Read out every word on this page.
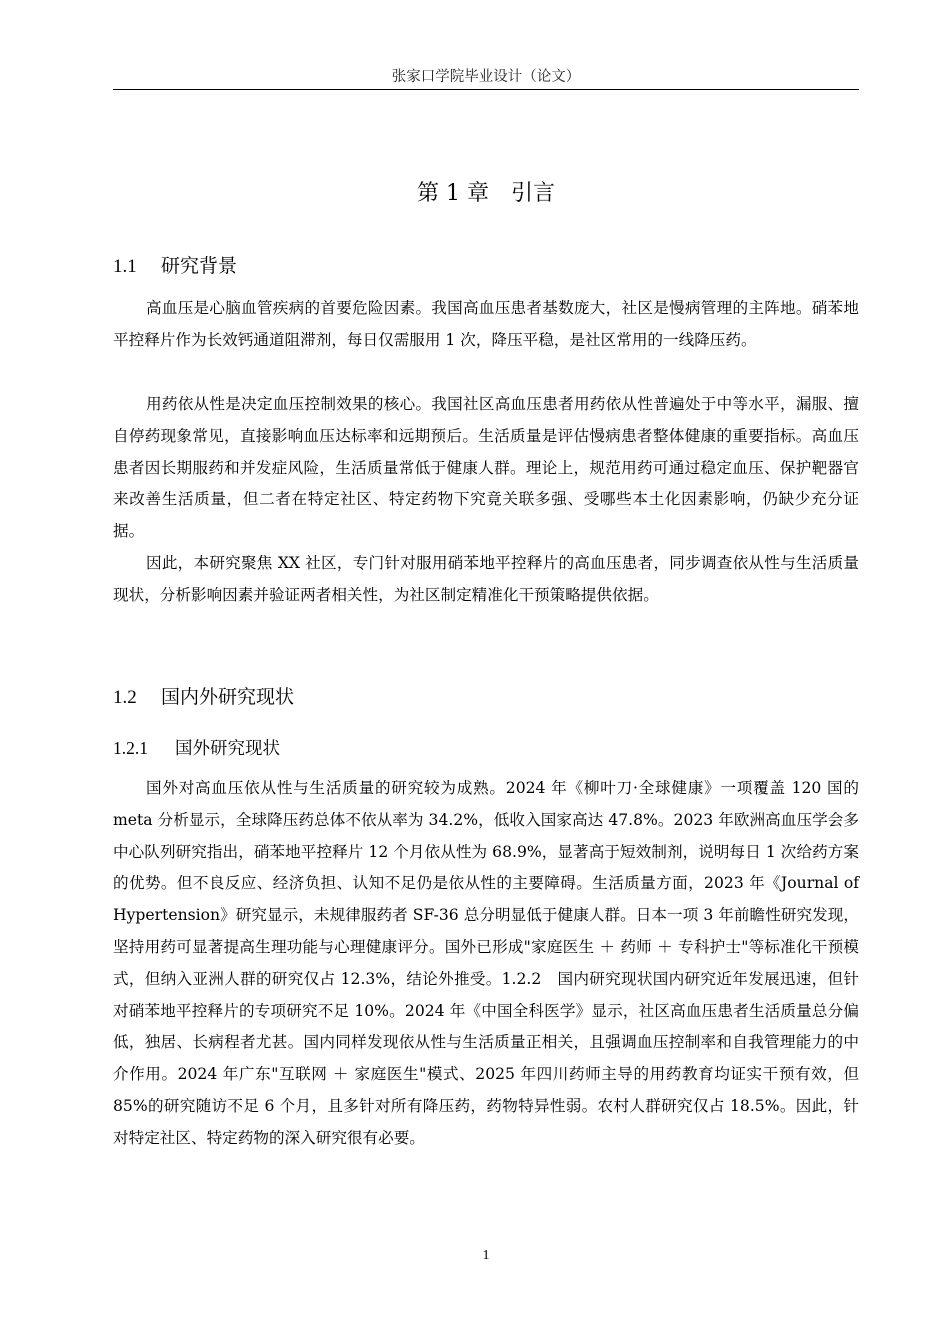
张家口学院毕业设计（论文）
第 1 章 引言
1.1 研究背景

高血压是心脑血管疾病的首要危险因素。我国高血压患者基数庞大，社区是慢病管理的主阵地。硝苯地平控释片作为长效钙通道阻滞剂，每日仅需服用 1 次，降压平稳，是社区常用的一线降压药。

用药依从性是决定血压控制效果的核心。我国社区高血压患者用药依从性普遍处于中等水平，漏服、擅自停药现象常见，直接影响血压达标率和远期预后。生活质量是评估慢病患者整体健康的重要指标。高血压患者因长期服药和并发症风险，生活质量常低于健康人群。理论上，规范用药可通过稳定血压、保护靶器官来改善生活质量，但二者在特定社区、特定药物下究竟关联多强、受哪些本土化因素影响，仍缺少充分证据。

因此，本研究聚焦 XX 社区，专门针对服用硝苯地平控释片的高血压患者，同步调查依从性与生活质量现状，分析影响因素并验证两者相关性，为社区制定精准化干预策略提供依据。

1.2 国内外研究现状
1.2.1 国外研究现状

国外对高血压依从性与生活质量的研究较为成熟。2024 年《柳叶刀·全球健康》一项覆盖 120 国的 meta 分析显示，全球降压药总体不依从率为 34.2%，低收入国家高达 47.8%。2023 年欧洲高血压学会多中心队列研究指出，硝苯地平控释片 12 个月依从性为 68.9%，显著高于短效制剂，说明每日 1 次给药方案的优势。但不良反应、经济负担、认知不足仍是依从性的主要障碍。生活质量方面，2023 年《Journal of Hypertension》研究显示，未规律服药者 SF-36 总分明显低于健康人群。日本一项 3 年前瞻性研究发现，坚持用药可显著提高生理功能与心理健康评分。国外已形成"家庭医生 ＋ 药师 ＋ 专科护士"等标准化干预模式，但纳入亚洲人群的研究仅占 12.3%，结论外推受。1.2.2　国内研究现状国内研究近年发展迅速，但针对硝苯地平控释片的专项研究不足 10%。2024 年《中国全科医学》显示，社区高血压患者生活质量总分偏低，独居、长病程者尤甚。国内同样发现依从性与生活质量正相关，且强调血压控制率和自我管理能力的中介作用。2024 年广东"互联网 ＋ 家庭医生"模式、2025 年四川药师主导的用药教育均证实干预有效，但 85%的研究随访不足 6 个月，且多针对所有降压药，药物特异性弱。农村人群研究仅占 18.5%。因此，针对特定社区、特定药物的深入研究很有必要。

1
